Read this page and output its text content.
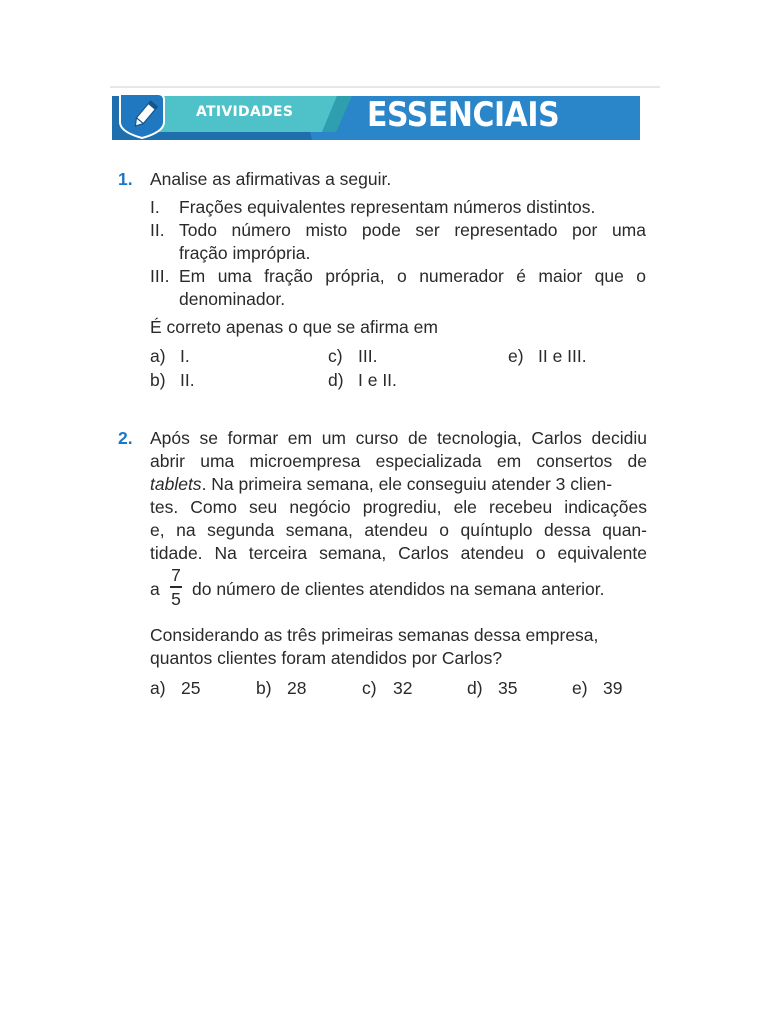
ATIVIDADES ESSENCIAIS
1. Analise as afirmativas a seguir.
I. Frações equivalentes representam números distintos.
II. Todo número misto pode ser representado por uma
fração imprópria.
III. Em uma fração própria, o numerador é maior que o
denominador.
É correto apenas o que se afirma em
a) I.
b) II.
c) III.
d) I e II.
e) II e III.
2. Após se formar em um curso de tecnologia, Carlos decidiu
abrir uma microempresa especializada em consertos de
tablets. Na primeira semana, ele conseguiu atender 3 clien-
tes. Como seu negócio progrediu, ele recebeu indicações
e, na segunda semana, atendeu o quíntuplo dessa quan-
tidade. Na terceira semana, Carlos atendeu o equivalente
a
7
5 do número de clientes atendidos na semana anterior.
Considerando as três primeiras semanas dessa empresa,
quantos clientes foram atendidos por Carlos?
a) 25	b) 28	c) 32	d) 35	e) 39
